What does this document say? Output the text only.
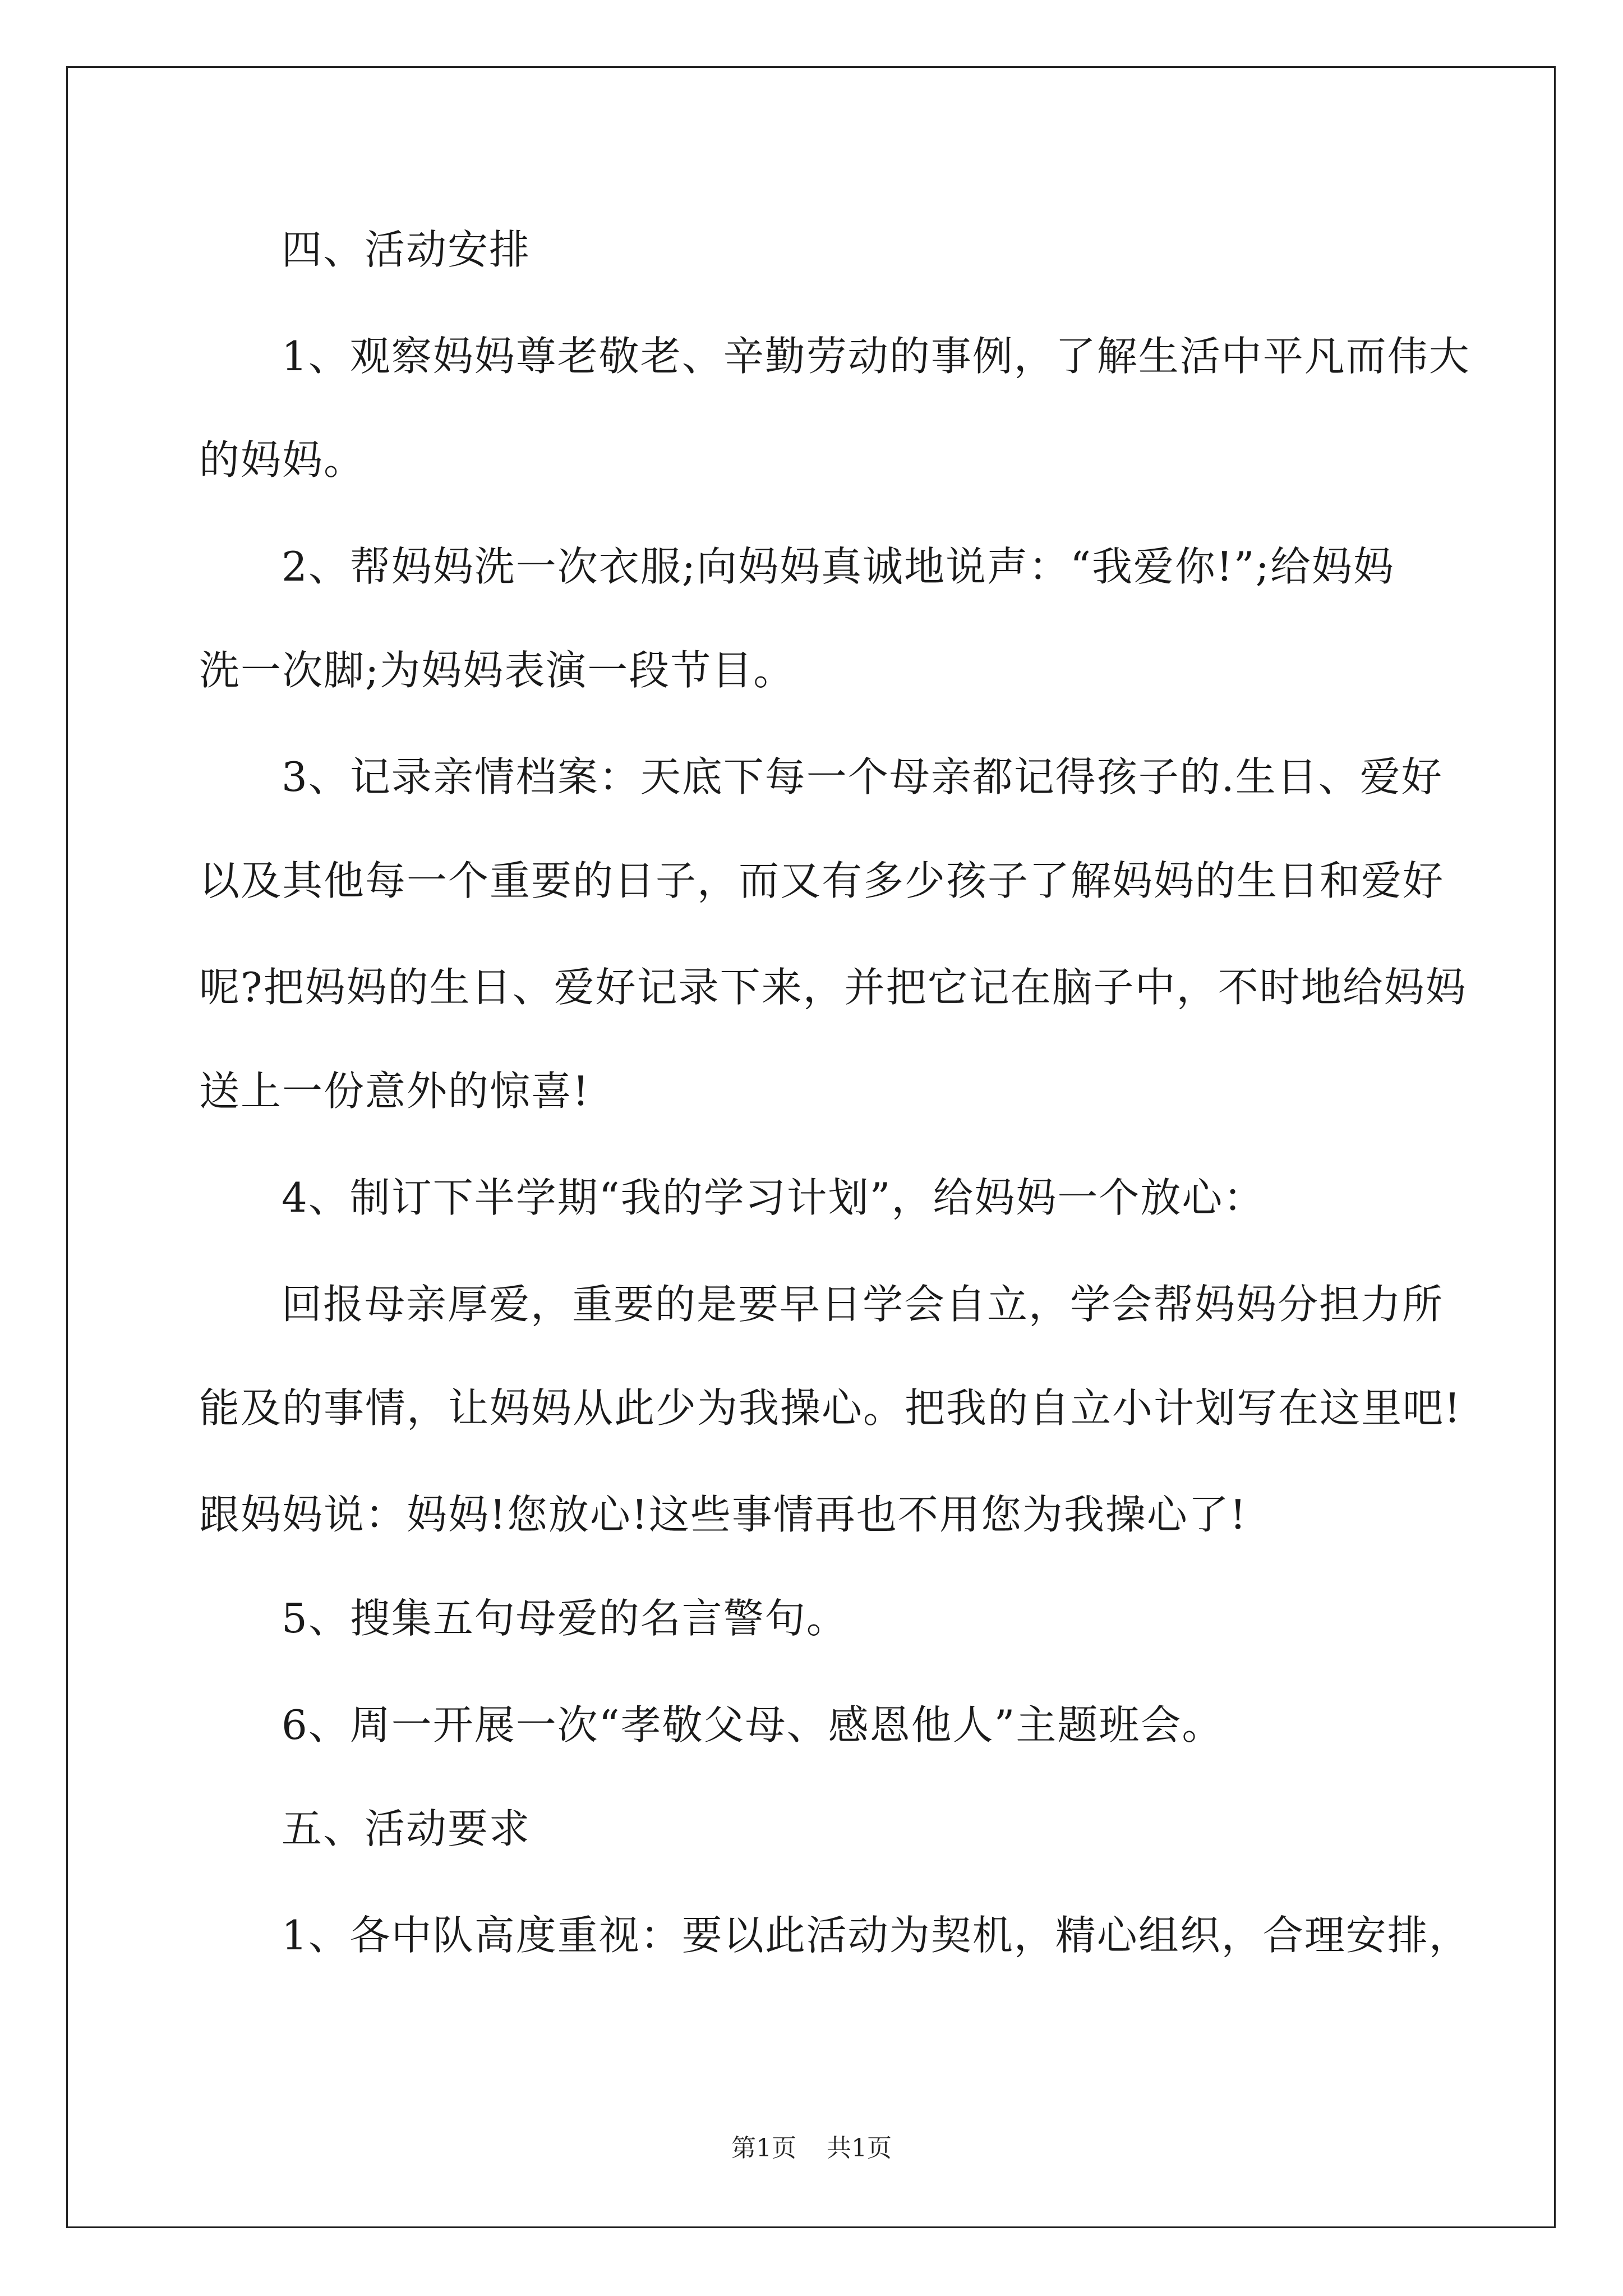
四、活动安排
1、观察妈妈尊老敬老、辛勤劳动的事例，了解生活中平凡而伟大
的妈妈。
2、帮妈妈洗一次衣服;向妈妈真诚地说声：“我爱你!”;给妈妈
洗一次脚;为妈妈表演一段节目。
3、记录亲情档案：天底下每一个母亲都记得孩子的.生日、爱好
以及其他每一个重要的日子，而又有多少孩子了解妈妈的生日和爱好
呢?把妈妈的生日、爱好记录下来，并把它记在脑子中，不时地给妈妈
送上一份意外的惊喜!
4、制订下半学期“我的学习计划”，给妈妈一个放心：
回报母亲厚爱，重要的是要早日学会自立，学会帮妈妈分担力所
能及的事情，让妈妈从此少为我操心。把我的自立小计划写在这里吧!
跟妈妈说：妈妈!您放心!这些事情再也不用您为我操心了!
5、搜集五句母爱的名言警句。
6、周一开展一次“孝敬父母、感恩他人”主题班会。
五、活动要求
1、各中队高度重视：要以此活动为契机，精心组织，合理安排，
第1页 共1页
